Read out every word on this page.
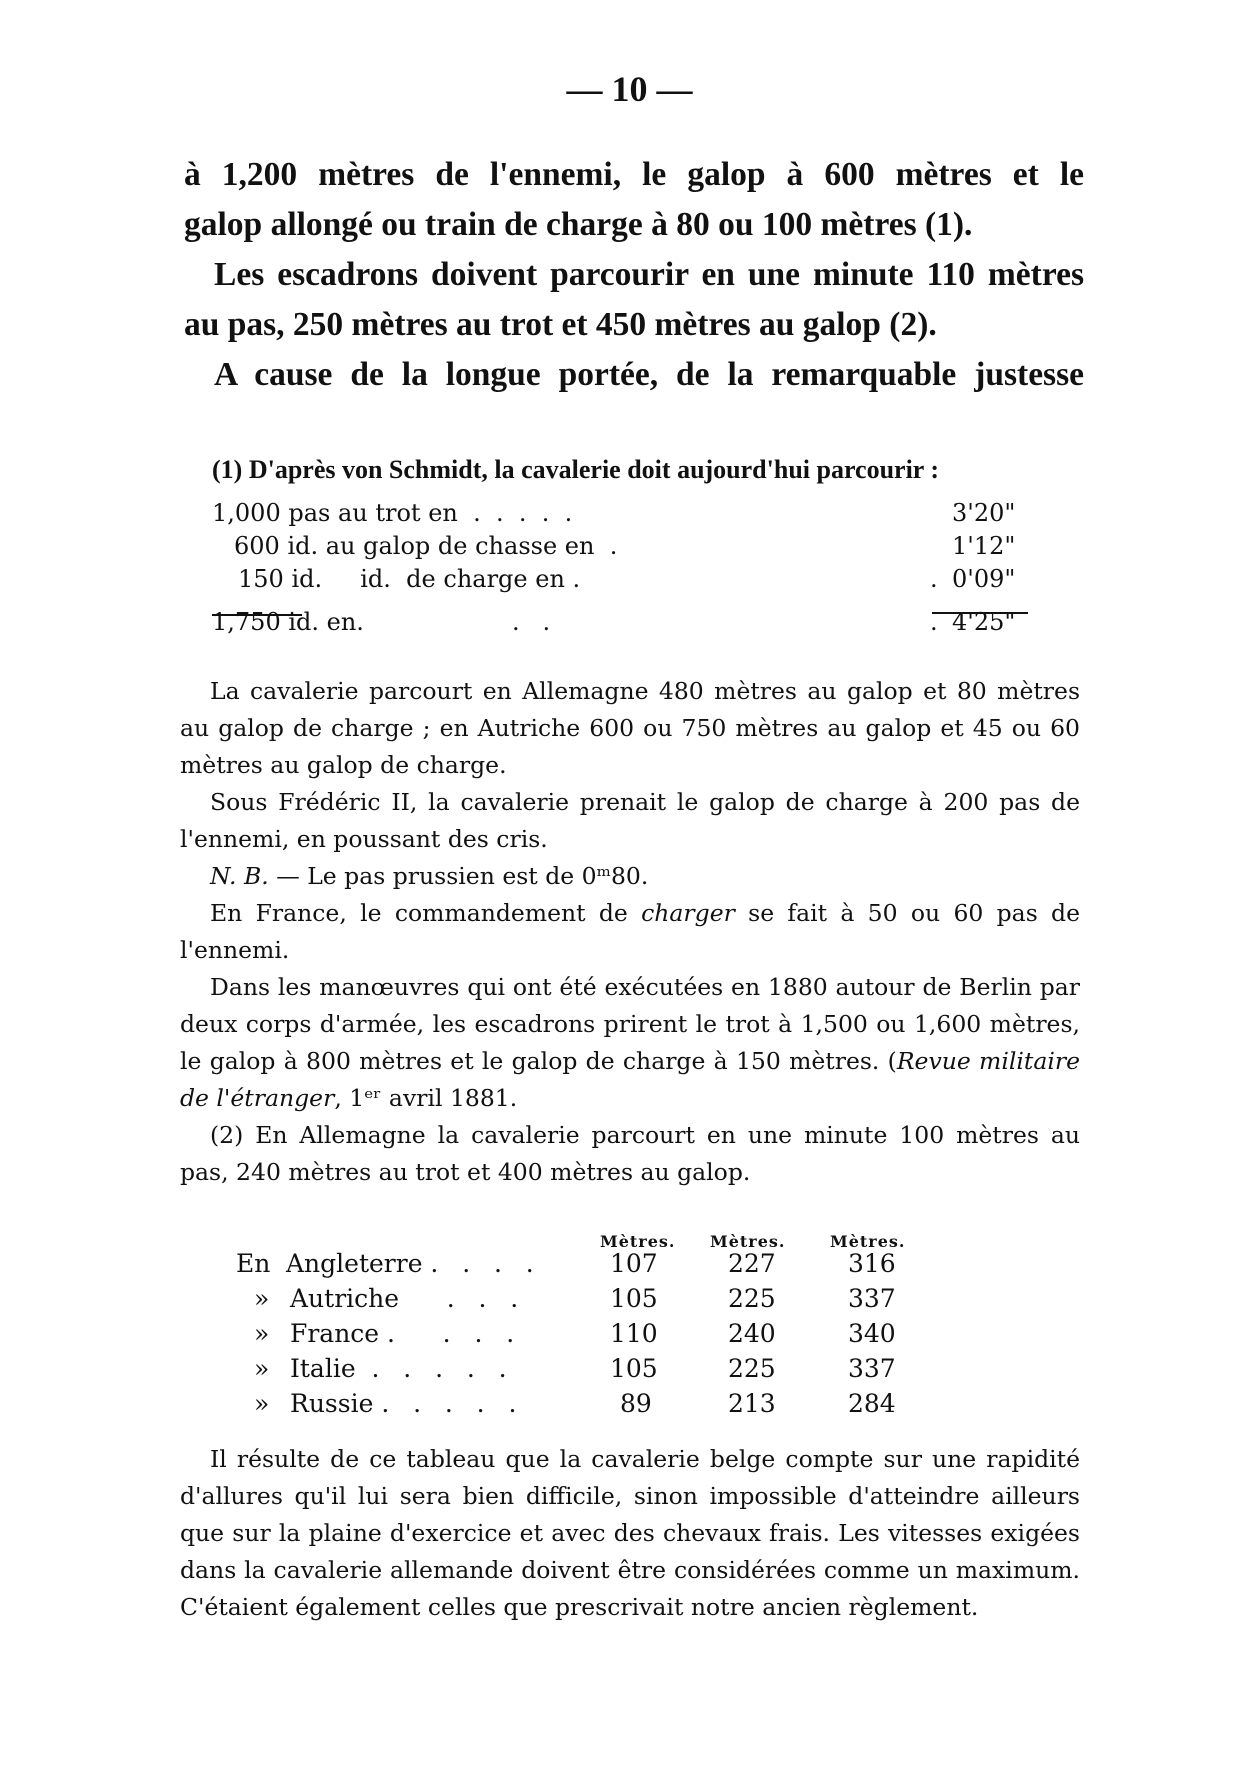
— 10 —

à 1,200 mètres de l'ennemi, le galop à 600 mètres et le

galop allongé ou train de charge à 80 ou 100 mètres (1).

Les escadrons doivent parcourir en une minute 110 mètres

au pas, 250 mètres au trot et 450 mètres au galop (2).

A cause de la longue portée, de la remarquable justesse

(1) D'après von Schmidt, la cavalerie doit aujourd'hui parcourir :
1,000 pas au trot en  .  .  .  .  .	3'20"
600 id. au galop de chasse en  .	1'12"
150 id.     id.  de charge en .	. 0'09"
1,750 id. en.	.   .	. 4'25"

La cavalerie parcourt en Allemagne 480 mètres au galop et 80 mètres au galop de charge ; en Autriche 600 ou 750 mètres au galop et 45 ou 60 mètres au galop de charge.

Sous Frédéric II, la cavalerie prenait le galop de charge à 200 pas de l'ennemi, en poussant des cris.

N. B. — Le pas prussien est de 0ᵐ80.

En France, le commandement de charger se fait à 50 ou 60 pas de l'ennemi.

Dans les manœuvres qui ont été exécutées en 1880 autour de Berlin par deux corps d'armée, les escadrons prirent le trot à 1,500 ou 1,600 mètres, le galop à 800 mètres et le galop de charge à 150 mètres. (Revue militaire de l'étranger, 1ᵉʳ avril 1881.

(2) En Allemagne la cavalerie parcourt en une minute 100 mètres au pas, 240 mètres au trot et 400 mètres au galop.

Mètres. Mètres.	Mètres.
En Angleterre .   .   .   .	107	227	316
» Autriche      .   .   .	105	225	337
» France .      .   .   .	110	240	340
» Italie  .   .   .   .   .	105	225	337
» Russie .   .   .   .   .	89	213	284

Il résulte de ce tableau que la cavalerie belge compte sur une rapidité d'allures qu'il lui sera bien difficile, sinon impossible d'atteindre ailleurs que sur la plaine d'exercice et avec des chevaux frais. Les vitesses exigées dans la cavalerie allemande doivent être considérées comme un maximum. C'étaient également celles que prescrivait notre ancien règlement.
